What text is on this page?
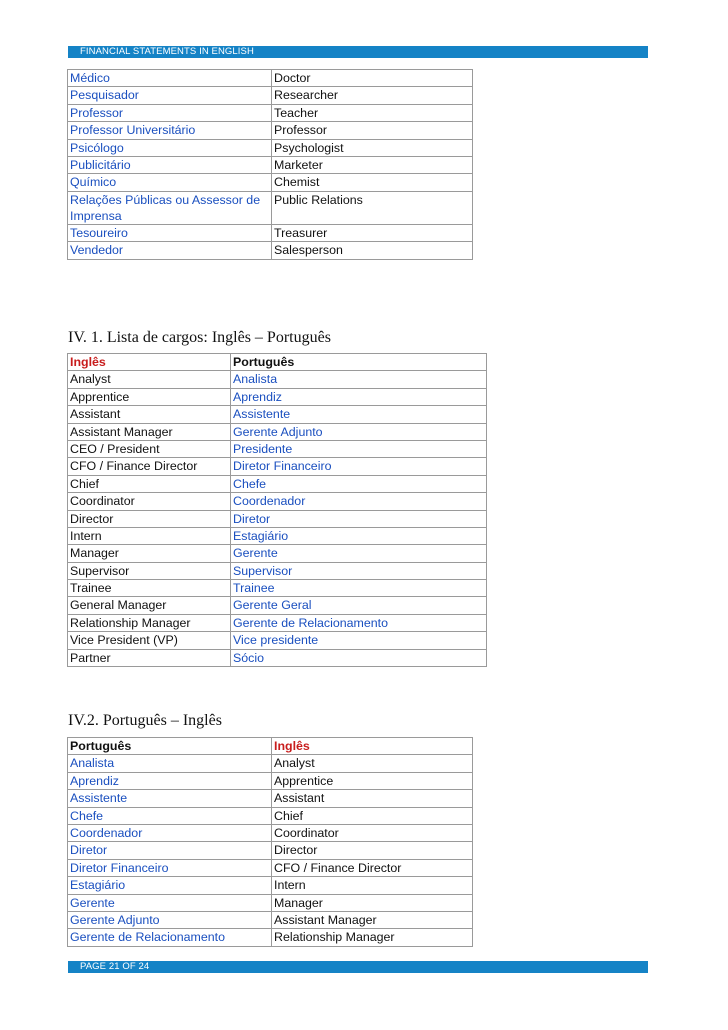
FINANCIAL STATEMENTS IN ENGLISH
Médico	Doctor
Pesquisador	Researcher
Professor	Teacher
Professor Universitário	Professor
Psicólogo	Psychologist
Publicitário	Marketer
Químico	Chemist
Relações Públicas ou Assessor de Imprensa	Public Relations
Tesoureiro	Treasurer
Vendedor	Salesperson
IV. 1. Lista de cargos: Inglês – Português
Inglês	Português
Analyst	Analista
Apprentice	Aprendiz
Assistant	Assistente
Assistant Manager	Gerente Adjunto
CEO / President	Presidente
CFO / Finance Director	Diretor Financeiro
Chief	Chefe
Coordinator	Coordenador
Director	Diretor
Intern	Estagiário
Manager	Gerente
Supervisor	Supervisor
Trainee	Trainee
General Manager	Gerente Geral
Relationship Manager	Gerente de Relacionamento
Vice President (VP)	Vice presidente
Partner	Sócio
IV.2. Português – Inglês
Português	Inglês
Analista	Analyst
Aprendiz	Apprentice
Assistente	Assistant
Chefe	Chief
Coordenador	Coordinator
Diretor	Director
Diretor Financeiro	CFO / Finance Director
Estagiário	Intern
Gerente	Manager
Gerente Adjunto	Assistant Manager
Gerente de Relacionamento	Relationship Manager
PAGE 21 OF 24
